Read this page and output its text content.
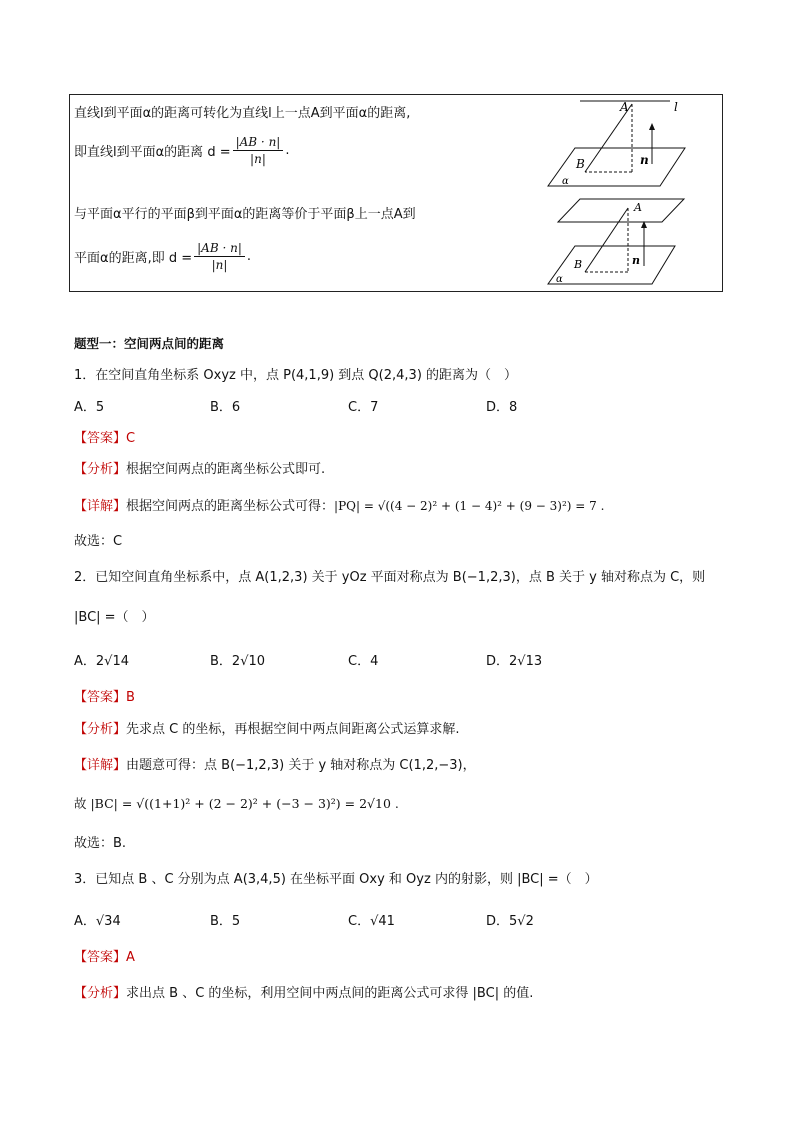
直线l到平面α的距离可转化为直线l上一点A到平面α的距离,
即直线l到平面α的距离 $d = \frac{|AB \cdot n|}{|n|}$ .
与平面α平行的平面β到平面α的距离等价于平面β上一点A到
平面α的距离,即 $d = \frac{|AB \cdot n|}{|n|}$ .
A	l
B	n
α
A
B	n
α
题型一：空间两点间的距离
1．在空间直角坐标系 Oxyz 中，点 P(4,1,9) 到点 Q(2,4,3) 的距离为（　）
A．5	B．6	C．7	D．8
【答案】C
【分析】根据空间两点的距离坐标公式即可.
【详解】根据空间两点的距离坐标公式可得：|PQ| = √((4 − 2)² + (1 − 4)² + (9 − 3)²) = 7 .
故选：C
2．已知空间直角坐标系中，点 A(1,2,3) 关于 yOz 平面对称点为 B(−1,2,3)，点 B 关于 y 轴对称点为 C，则
|BC| =（　）
A．2√14	B．2√10	C．4	D．2√13
【答案】B
【分析】先求点 C 的坐标，再根据空间中两点间距离公式运算求解.
【详解】由题意可得：点 B(−1,2,3) 关于 y 轴对称点为 C(1,2,−3)，
故 |BC| = √((1+1)² + (2 − 2)² + (−3 − 3)²) = 2√10 .
故选：B.
3．已知点 B 、C 分别为点 A(3,4,5) 在坐标平面 Oxy 和 Oyz 内的射影，则 |BC| =（　）
A．√34	B．5	C．√41	D．5√2
【答案】A
【分析】求出点 B 、C 的坐标，利用空间中两点间的距离公式可求得 |BC| 的值.
